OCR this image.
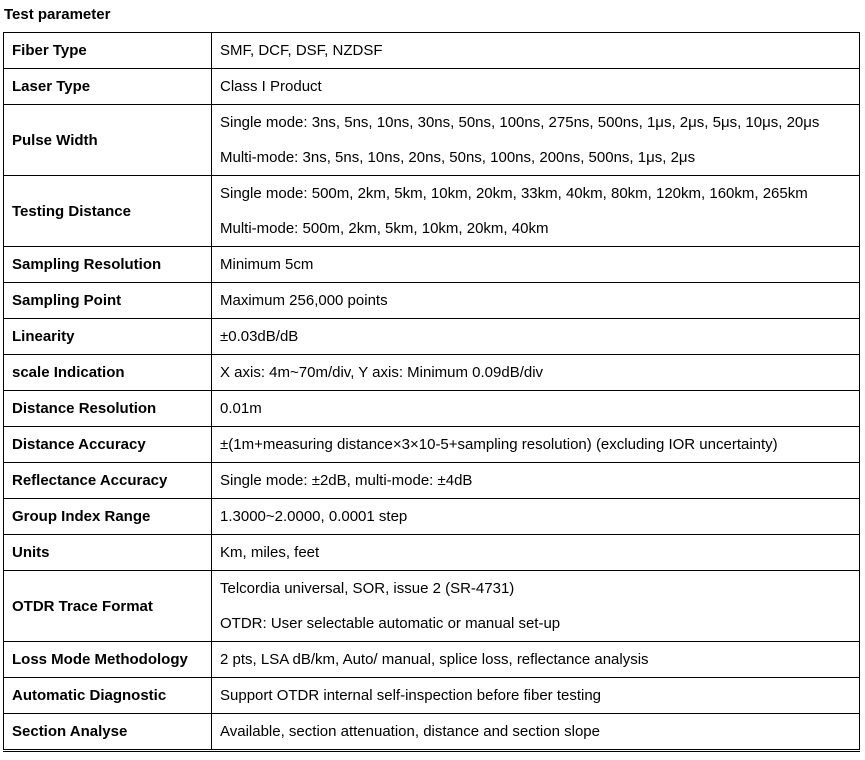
Test parameter
Fiber Type	SMF, DCF, DSF, NZDSF

Laser Type	Class I Product

Pulse Width	Single mode: 3ns, 5ns, 10ns, 30ns, 50ns, 100ns, 275ns, 500ns, 1μs, 2μs, 5μs, 10μs, 20μs
Multi-mode: 3ns, 5ns, 10ns, 20ns, 50ns, 100ns, 200ns, 500ns, 1μs, 2μs

Testing Distance	Single mode: 500m, 2km, 5km, 10km, 20km, 33km, 40km, 80km, 120km, 160km, 265km
Multi-mode: 500m, 2km, 5km, 10km, 20km, 40km

Sampling Resolution	Minimum 5cm

Sampling Point	Maximum 256,000 points

Linearity	±0.03dB/dB

scale Indication	X axis: 4m~70m/div, Y axis: Minimum 0.09dB/div

Distance Resolution	0.01m

Distance Accuracy	±(1m+measuring distance×3×10-5+sampling resolution) (excluding IOR uncertainty)

Reflectance Accuracy	Single mode: ±2dB, multi-mode: ±4dB

Group Index Range	1.3000~2.0000, 0.0001 step

Units	Km, miles, feet

OTDR Trace Format	Telcordia universal, SOR, issue 2 (SR-4731)
OTDR: User selectable automatic or manual set-up

Loss Mode Methodology	2 pts, LSA dB/km, Auto/ manual, splice loss, reflectance analysis

Automatic Diagnostic	Support OTDR internal self-inspection before fiber testing

Section Analyse	Available, section attenuation, distance and section slope
